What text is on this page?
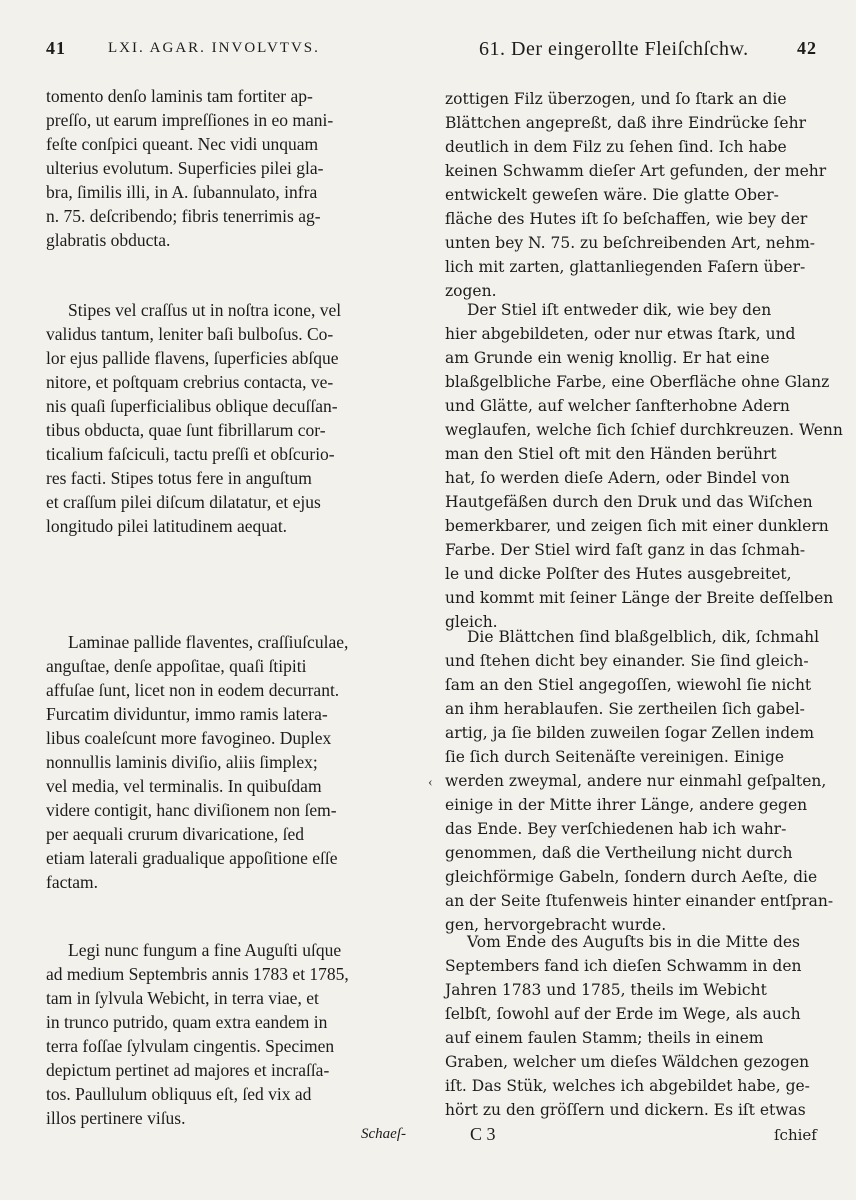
41	LXI. AGAR. INVOLVTVS.	61. Der eingerollte Fleiſchſchw.	42
tomento denſo laminis tam fortiter ap-
preſſo, ut earum impreſſiones in eo mani-
feſte conſpici queant. Nec vidi unquam
ulterius evolutum. Superficies pilei gla-
bra, ſimilis illi, in A. ſubannulato, infra
n. 75. deſcribendo; fibris tenerrimis ag-
glabratis obducta.
Stipes vel craſſus ut in noſtra icone, vel
validus tantum, leniter baſi bulboſus. Co-
lor ejus pallide flavens, ſuperficies abſque
nitore, et poſtquam crebrius contacta, ve-
nis quaſi ſuperficialibus oblique decuſſan-
tibus obducta, quae ſunt fibrillarum cor-
ticalium faſciculi, tactu preſſi et obſcurio-
res facti. Stipes totus fere in anguſtum
et craſſum pilei diſcum dilatatur, et ejus
longitudo pilei latitudinem aequat.
Laminae pallide flaventes, craſſiuſculae,
anguſtae, denſe appoſitae, quaſi ſtipiti
affuſae ſunt, licet non in eodem decurrant.
Furcatim dividuntur, immo ramis latera-
libus coaleſcunt more favogineo. Duplex
nonnullis laminis diviſio, aliis ſimplex;
vel media, vel terminalis. In quibuſdam
videre contigit, hanc diviſionem non ſem-
per aequali crurum divaricatione, ſed
etiam laterali gradualique appoſitione eſſe
factam.
Legi nunc fungum a fine Auguſti uſque
ad medium Septembris annis 1783 et 1785,
tam in ſylvula Webicht, in terra viae, et
in trunco putrido, quam extra eandem in
terra foſſae ſylvulam cingentis. Specimen
depictum pertinet ad majores et incraſſa-
tos. Paullulum obliquus eſt, ſed vix ad
illos pertinere viſus.
zottigen Filz überzogen, und ſo ſtark an die
Blättchen angepreßt, daß ihre Eindrücke ſehr
deutlich in dem Filz zu ſehen ſind. Ich habe
keinen Schwamm dieſer Art gefunden, der mehr
entwickelt geweſen wäre. Die glatte Ober-
fläche des Hutes iſt ſo beſchaffen, wie bey der
unten bey N. 75. zu beſchreibenden Art, nehm-
lich mit zarten, glattanliegenden Faſern über-
zogen.
Der Stiel iſt entweder dik, wie bey den
hier abgebildeten, oder nur etwas ſtark, und
am Grunde ein wenig knollig. Er hat eine
blaßgelbliche Farbe, eine Oberfläche ohne Glanz
und Glätte, auf welcher ſanfterhobne Adern
weglaufen, welche ſich ſchief durchkreuzen. Wenn
man den Stiel oft mit den Händen berührt
hat, ſo werden dieſe Adern, oder Bindel von
Hautgefäßen durch den Druk und das Wiſchen
bemerkbarer, und zeigen ſich mit einer dunklern
Farbe. Der Stiel wird faſt ganz in das ſchmah-
le und dicke Polſter des Hutes ausgebreitet,
und kommt mit ſeiner Länge der Breite deſſelben
gleich.
Die Blättchen ſind blaßgelblich, dik, ſchmahl
und ſtehen dicht bey einander. Sie ſind gleich-
ſam an den Stiel angegoſſen, wiewohl ſie nicht
an ihm herablaufen. Sie zertheilen ſich gabel-
artig, ja ſie bilden zuweilen ſogar Zellen indem
ſie ſich durch Seitenäſte vereinigen. Einige
werden zweymal, andere nur einmahl geſpalten,
einige in der Mitte ihrer Länge, andere gegen
das Ende. Bey verſchiedenen hab ich wahr-
genommen, daß die Vertheilung nicht durch
gleichförmige Gabeln, ſondern durch Aeſte, die
an der Seite ſtufenweis hinter einander entſpran-
gen, hervorgebracht wurde.
Vom Ende des Auguſts bis in die Mitte des
Septembers fand ich dieſen Schwamm in den
Jahren 1783 und 1785, theils im Webicht
ſelbſt, ſowohl auf der Erde im Wege, als auch
auf einem faulen Stamm; theils in einem
Graben, welcher um dieſes Wäldchen gezogen
iſt. Das Stük, welches ich abgebildet habe, ge-
hört zu den gröſſern und dickern. Es iſt etwas
Schaeſ-	C 3	ſchief
‹
